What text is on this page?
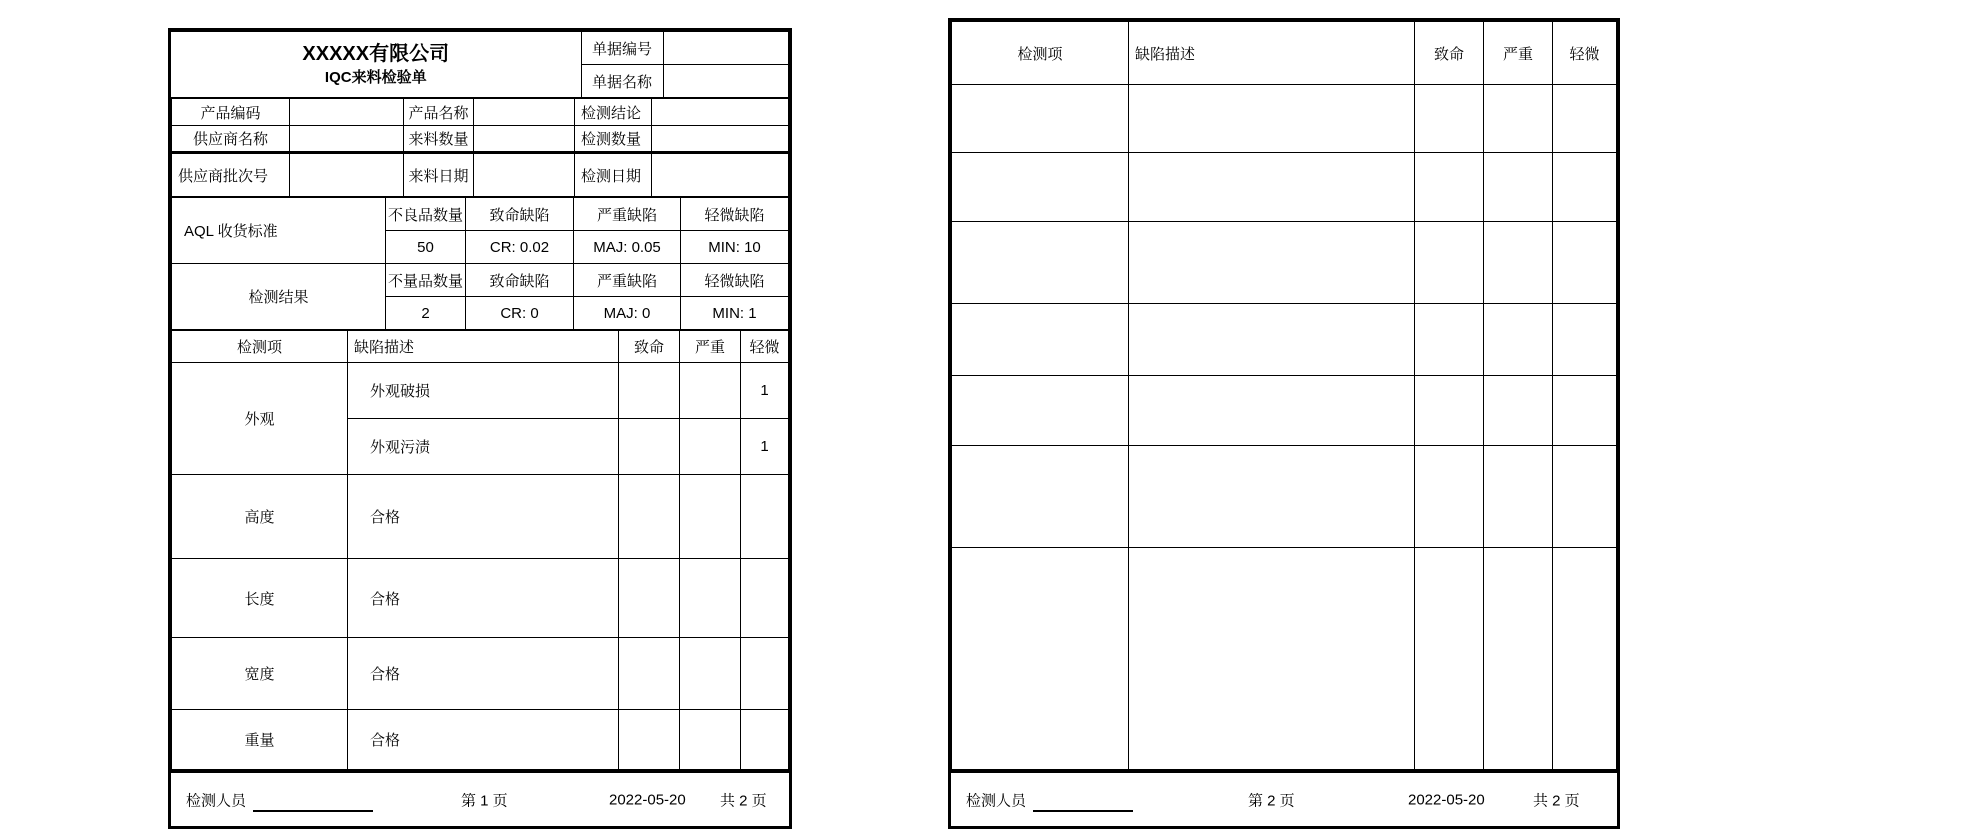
XXXXX有限公司
IQC来料检验单	单据编号	
	单据名称	
产品编码		产品名称		检测结论	
供应商名称		来料数量		检测数量	
供应商批次号		来料日期		检测日期	
AQL 收货标准	不良品数量	致命缺陷	严重缺陷	轻微缺陷
	50	CR: 0.02	MAJ: 0.05	MIN: 10
检测结果	不量品数量	致命缺陷	严重缺陷	轻微缺陷
	2	CR: 0	MAJ: 0	MIN: 1
检测项	缺陷描述	致命	严重	轻微
外观	外观破损			1
	外观污渍			1
高度	合格			
长度	合格			
宽度	合格			
重量	合格			
检测人员	第 1 页	2022-05-20 共 2 页
检测项	缺陷描述	致命	严重	轻微

检测人员	第 2 页	2022-05-20	共 2 页
